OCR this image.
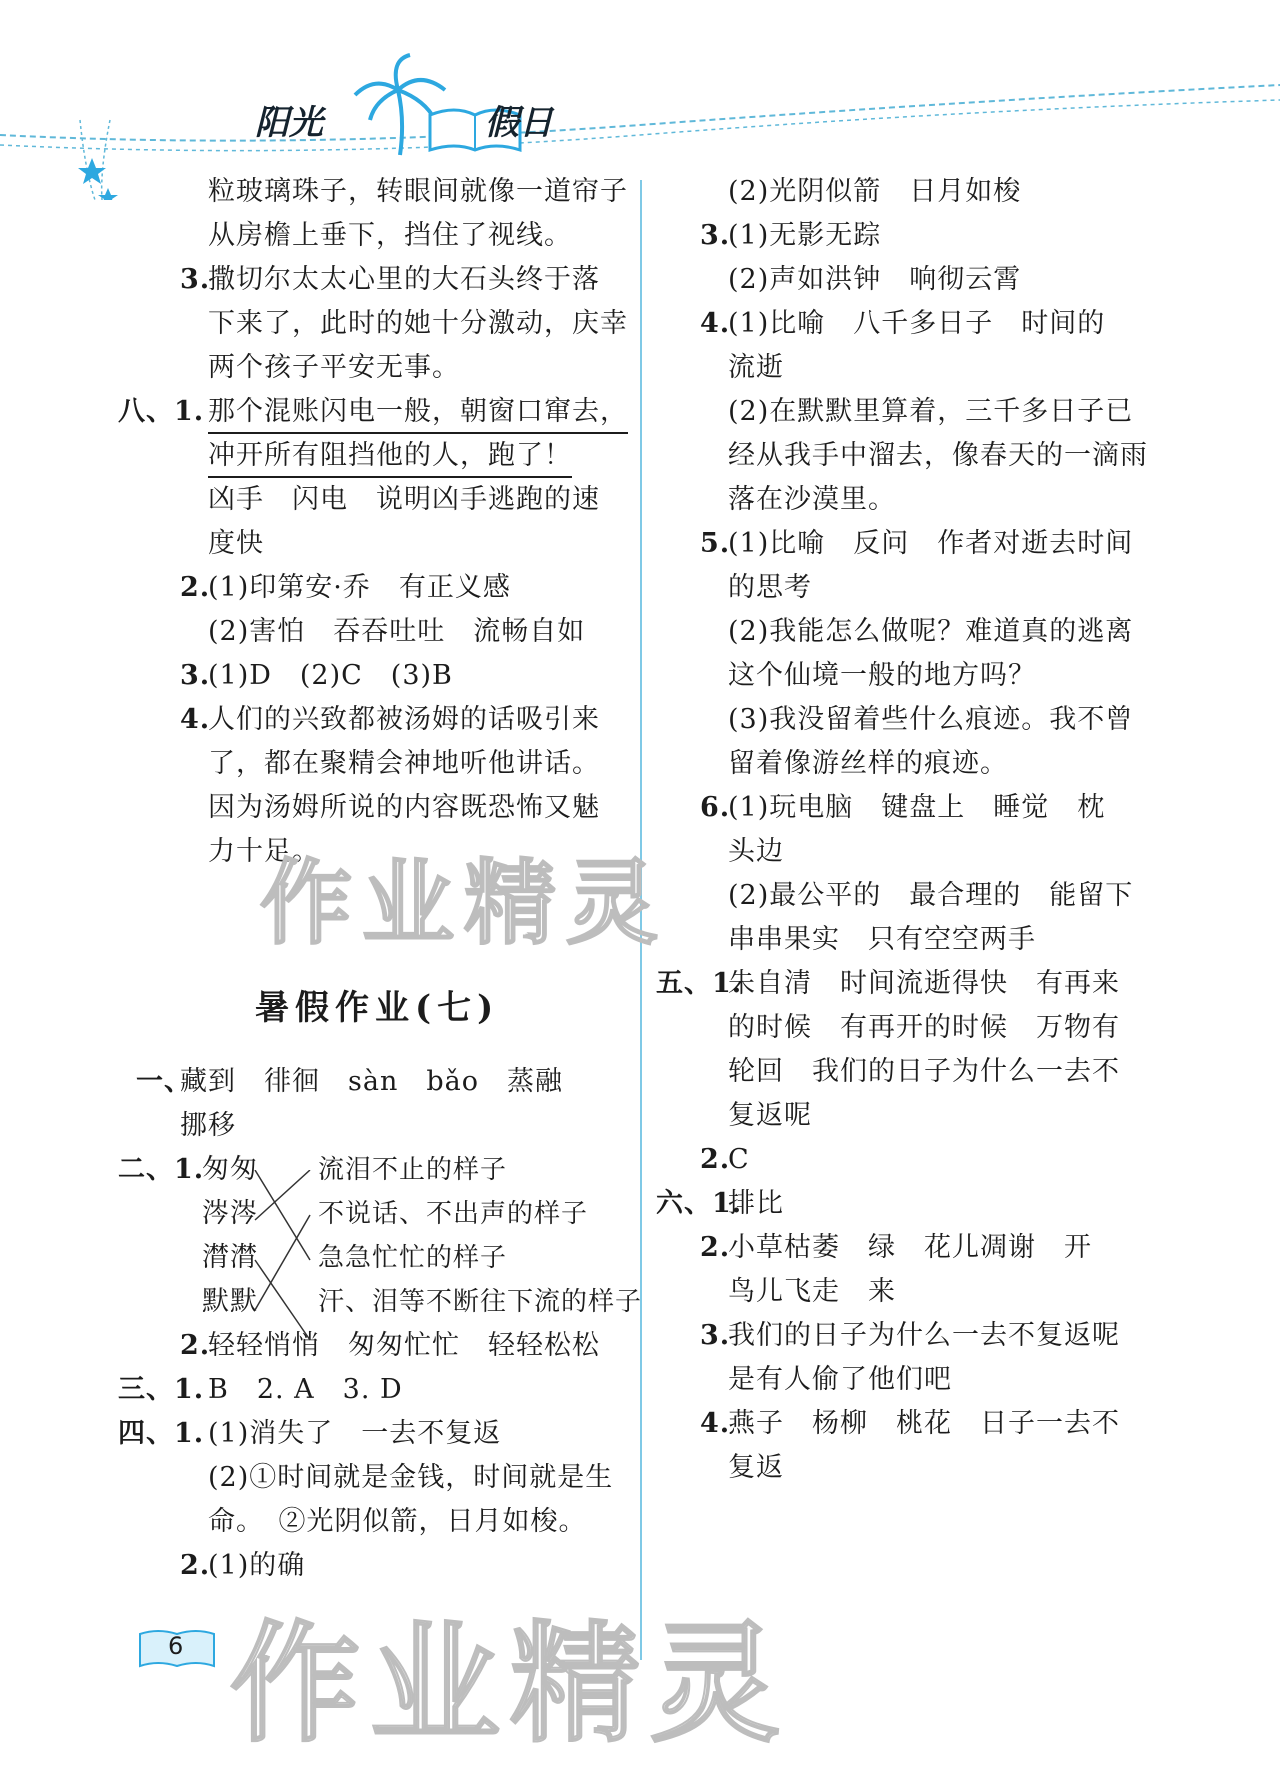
阳光	假日
粒玻璃珠子，转眼间就像一道帘子
从房檐上垂下，挡住了视线。
3.
撒切尔太太心里的大石头终于落
下来了，此时的她十分激动，庆幸
两个孩子平安无事。
八、1. 那个混账闪电一般，朝窗口窜去，
冲开所有阻挡他的人，跑了！
凶手　闪电　说明凶手逃跑的速
度快
2.
(1)印第安·乔　有正义感
(2)害怕　吞吞吐吐　流畅自如
3.
(1)D　(2)C　(3)B
4.
人们的兴致都被汤姆的话吸引来
了，都在聚精会神地听他讲话。
因为汤姆所说的内容既恐怖又魅
力十足。
暑假作业(七)
一、
藏到　徘徊　sàn　bǎo　蒸融
挪移
二、1.
匆匆
涔涔
潸潸
默默
流泪不止的样子
不说话、不出声的样子
急急忙忙的样子
汗、泪等不断往下流的样子
2.
轻轻悄悄　匆匆忙忙　轻轻松松
三、1. B　2. A　3. D
四、1. (1)消失了　一去不复返
(2)①时间就是金钱，时间就是生
命。　②光阴似箭，日月如梭。
2.
(1)的确
(2)光阴似箭　日月如梭
3.
(1)无影无踪
(2)声如洪钟　响彻云霄
4.
(1)比喻　八千多日子　时间的
流逝
(2)在默默里算着，三千多日子已
经从我手中溜去，像春天的一滴雨
落在沙漠里。
5.
(1)比喻　反问　作者对逝去时间
的思考
(2)我能怎么做呢？难道真的逃离
这个仙境一般的地方吗？
(3)我没留着些什么痕迹。我不曾
留着像游丝样的痕迹。
6.
(1)玩电脑　键盘上　睡觉　枕
头边
(2)最公平的　最合理的　能留下
串串果实　只有空空两手
五、1.
朱自清　时间流逝得快　有再来
的时候　有再开的时候　万物有
轮回　我们的日子为什么一去不
复返呢
2.
C
六、1.
排比
2.
小草枯萎　绿　花儿凋谢　开
鸟儿飞走　来
3.
我们的日子为什么一去不复返呢
是有人偷了他们吧
4.
燕子　杨柳　桃花　日子一去不
复返
作业精灵
作业精灵
6
